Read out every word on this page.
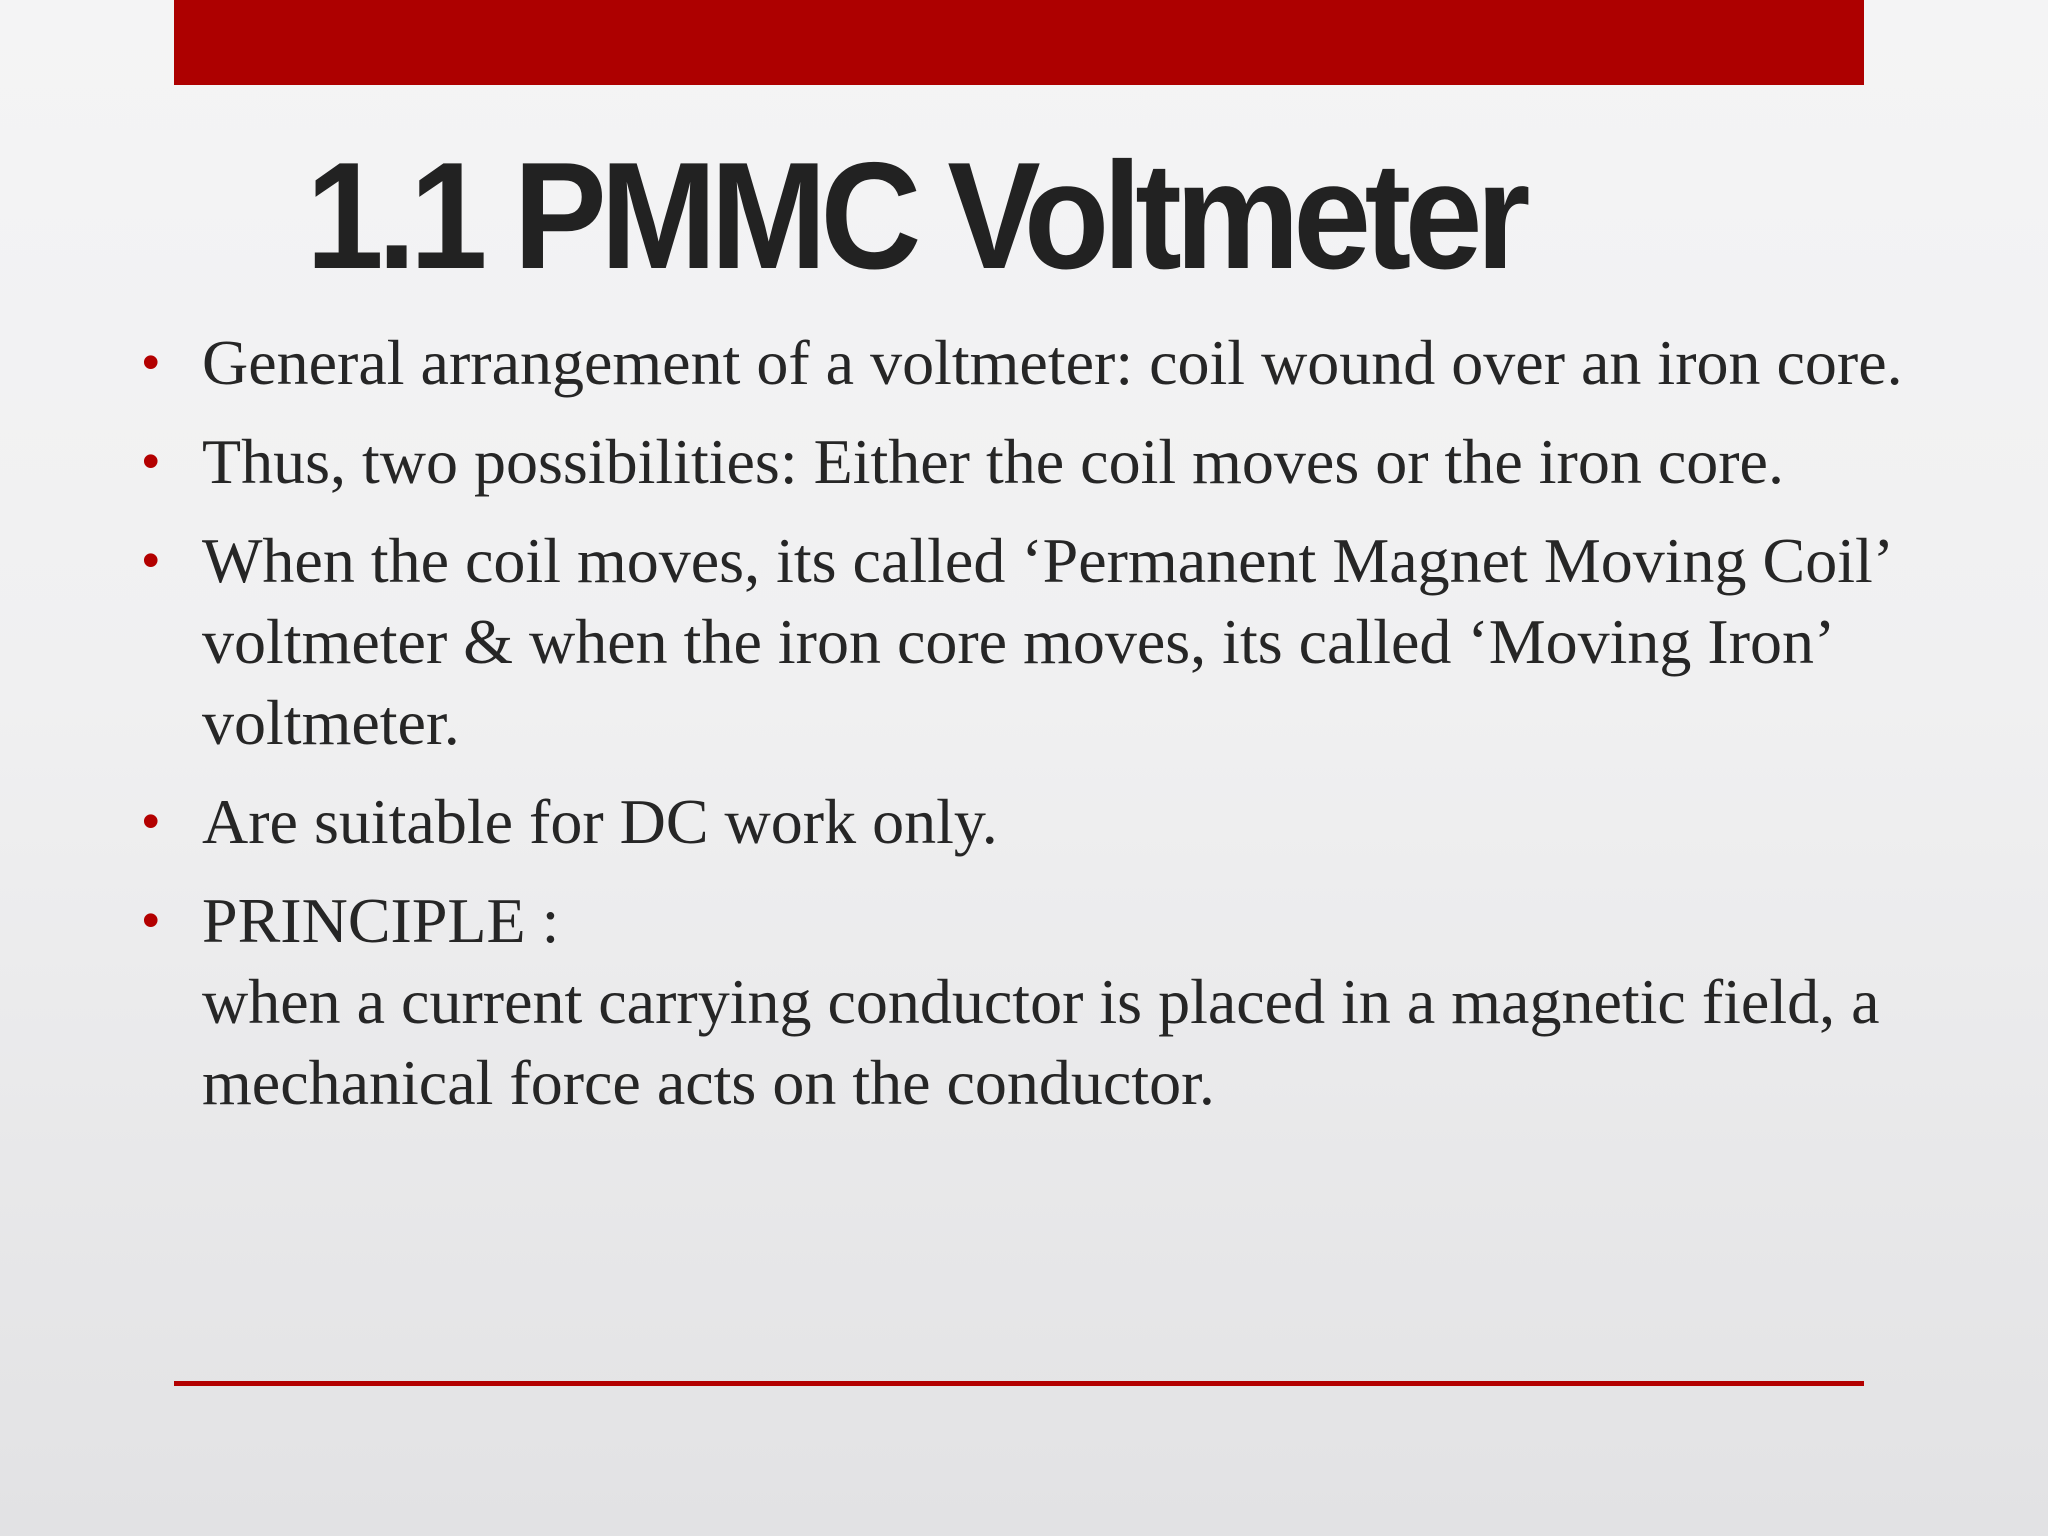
1.1 PMMC Voltmeter
• General arrangement of a voltmeter: coil wound over an iron core.
• Thus, two possibilities: Either the coil moves or the iron core.
• When the coil moves, its called ‘Permanent Magnet Moving Coil’ voltmeter & when the iron core moves, its called ‘Moving Iron’ voltmeter.
• Are suitable for DC work only.
• PRINCIPLE :
when a current carrying conductor is placed in a magnetic field, a mechanical force acts on the conductor.
